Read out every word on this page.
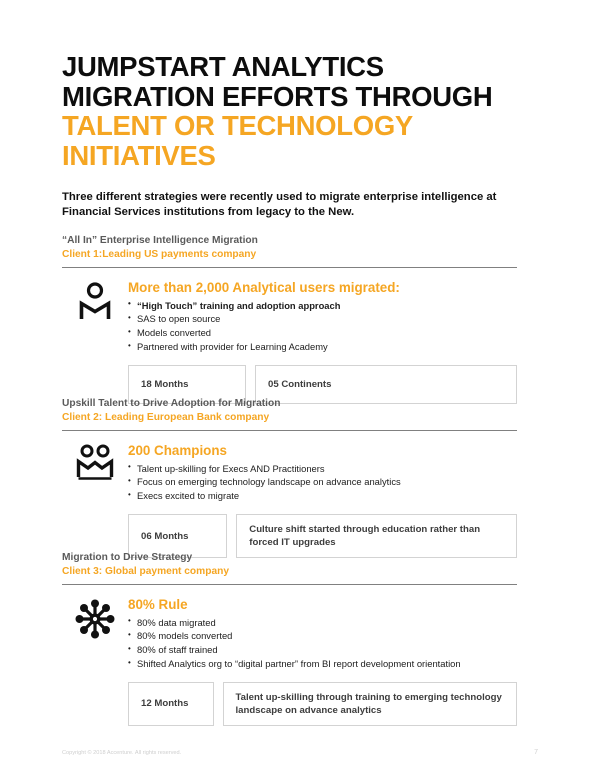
JUMPSTART ANALYTICS
MIGRATION EFFORTS THROUGH
TALENT OR TECHNOLOGY
INITIATIVES
Three different strategies were recently used to migrate enterprise intelligence at Financial Services institutions from legacy to the New.
“All In” Enterprise Intelligence Migration
Client 1:Leading US payments company
More than 2,000 Analytical users migrated:
• “High Touch” training and adoption approach
• SAS to open source
• Models converted
• Partnered with provider for Learning Academy
18 Months	05 Continents
Upskill Talent to Drive Adoption for Migration
Client 2: Leading European Bank company
200 Champions
• Talent up-skilling for Execs AND Practitioners
• Focus on emerging technology landscape on advance analytics
• Execs excited to migrate
06 Months
Culture shift started through education rather than forced IT upgrades
Migration to Drive Strategy
Client 3: Global payment company
80% Rule
• 80% data migrated
• 80% models converted
• 80% of staff trained
• Shifted Analytics org to “digital partner” from BI report development orientation
12 Months
Talent up-skilling through training to emerging technology landscape on advance analytics
Copyright © 2018 Accenture. All rights reserved.	7
